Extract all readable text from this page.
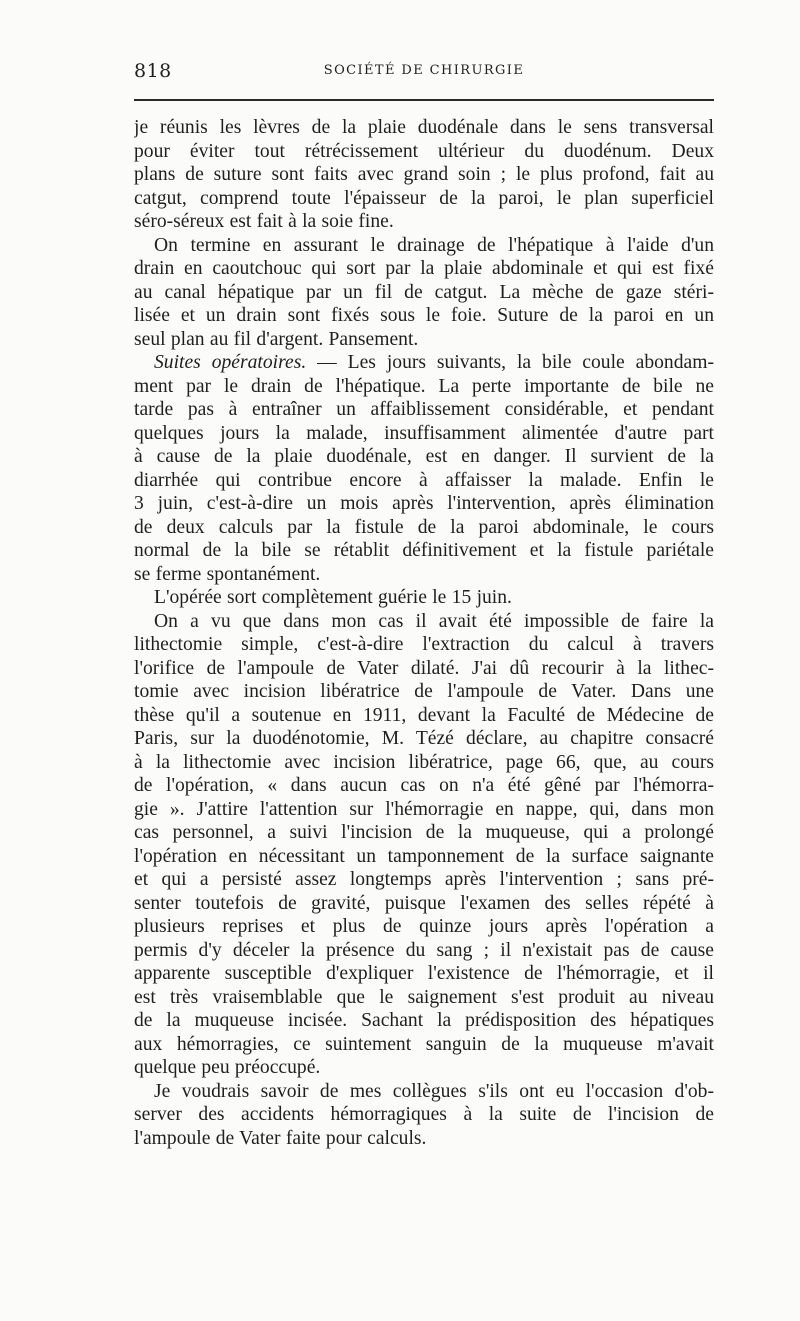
818	SOCIÉTÉ DE CHIRURGIE
je réunis les lèvres de la plaie duodénale dans le sens transversal
pour éviter tout rétrécissement ultérieur du duodénum. Deux
plans de suture sont faits avec grand soin ; le plus profond, fait au
catgut, comprend toute l'épaisseur de la paroi, le plan superficiel
séro-séreux est fait à la soie fine.
On termine en assurant le drainage de l'hépatique à l'aide d'un
drain en caoutchouc qui sort par la plaie abdominale et qui est fixé
au canal hépatique par un fil de catgut. La mèche de gaze stéri-
lisée et un drain sont fixés sous le foie. Suture de la paroi en un
seul plan au fil d'argent. Pansement.
Suites opératoires. — Les jours suivants, la bile coule abondam-
ment par le drain de l'hépatique. La perte importante de bile ne
tarde pas à entraîner un affaiblissement considérable, et pendant
quelques jours la malade, insuffisamment alimentée d'autre part
à cause de la plaie duodénale, est en danger. Il survient de la
diarrhée qui contribue encore à affaisser la malade. Enfin le
3 juin, c'est-à-dire un mois après l'intervention, après élimination
de deux calculs par la fistule de la paroi abdominale, le cours
normal de la bile se rétablit définitivement et la fistule pariétale
se ferme spontanément.
L'opérée sort complètement guérie le 15 juin.
On a vu que dans mon cas il avait été impossible de faire la
lithectomie simple, c'est-à-dire l'extraction du calcul à travers
l'orifice de l'ampoule de Vater dilaté. J'ai dû recourir à la lithec-
tomie avec incision libératrice de l'ampoule de Vater. Dans une
thèse qu'il a soutenue en 1911, devant la Faculté de Médecine de
Paris, sur la duodénotomie, M. Tézé déclare, au chapitre consacré
à la lithectomie avec incision libératrice, page 66, que, au cours
de l'opération, « dans aucun cas on n'a été gêné par l'hémorra-
gie ». J'attire l'attention sur l'hémorragie en nappe, qui, dans mon
cas personnel, a suivi l'incision de la muqueuse, qui a prolongé
l'opération en nécessitant un tamponnement de la surface saignante
et qui a persisté assez longtemps après l'intervention ; sans pré-
senter toutefois de gravité, puisque l'examen des selles répété à
plusieurs reprises et plus de quinze jours après l'opération a
permis d'y déceler la présence du sang ; il n'existait pas de cause
apparente susceptible d'expliquer l'existence de l'hémorragie, et il
est très vraisemblable que le saignement s'est produit au niveau
de la muqueuse incisée. Sachant la prédisposition des hépatiques
aux hémorragies, ce suintement sanguin de la muqueuse m'avait
quelque peu préoccupé.
Je voudrais savoir de mes collègues s'ils ont eu l'occasion d'ob-
server des accidents hémorragiques à la suite de l'incision de
l'ampoule de Vater faite pour calculs.
